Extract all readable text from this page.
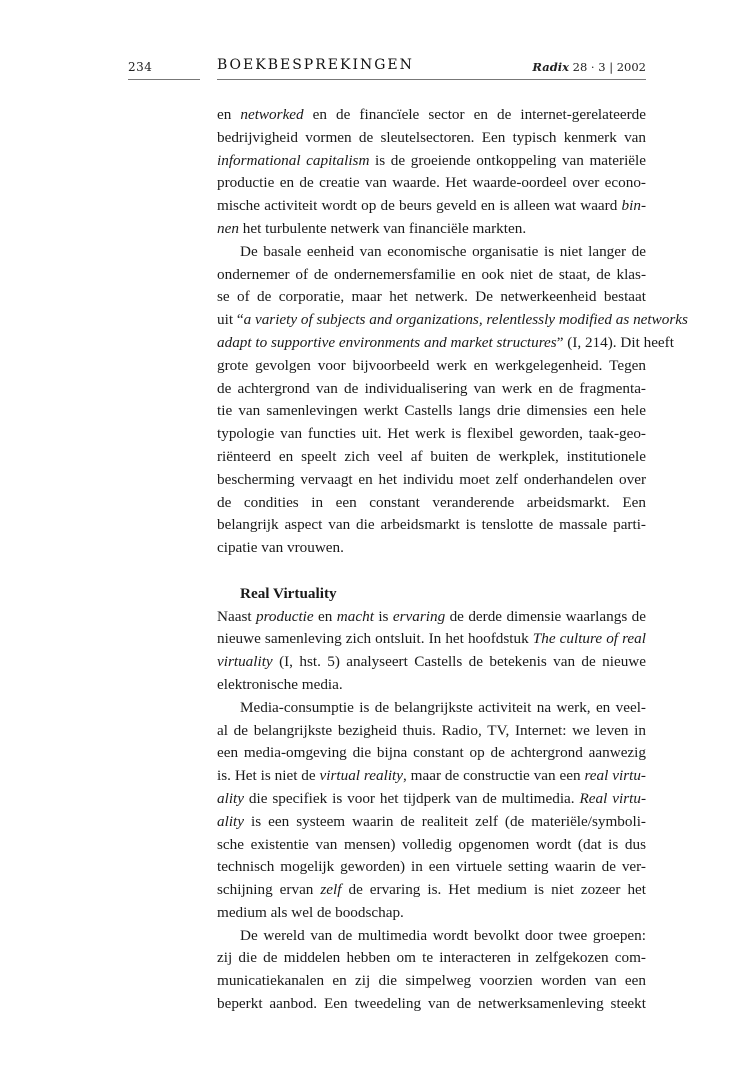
234	BOEKBESPREKINGEN	Radix 28 · 3 | 2002

en networked en de financïele sector en de internet-gerelateerde
bedrijvigheid vormen de sleutelsectoren. Een typisch kenmerk van
informational capitalism is de groeiende ontkoppeling van materiële
productie en de creatie van waarde. Het waarde-oordeel over econo-
mische activiteit wordt op de beurs geveld en is alleen wat waard bin-
nen het turbulente netwerk van financiële markten.

De basale eenheid van economische organisatie is niet langer de
ondernemer of de ondernemersfamilie en ook niet de staat, de klas-
se of de corporatie, maar het netwerk. De netwerkeenheid bestaat
uit “a variety of subjects and organizations, relentlessly modified as networks
adapt to supportive environments and market structures” (I, 214). Dit heeft
grote gevolgen voor bijvoorbeeld werk en werkgelegenheid. Tegen
de achtergrond van de individualisering van werk en de fragmenta-
tie van samenlevingen werkt Castells langs drie dimensies een hele
typologie van functies uit. Het werk is flexibel geworden, taak-geo-
riënteerd en speelt zich veel af buiten de werkplek, institutionele
bescherming vervaagt en het individu moet zelf onderhandelen over
de condities in een constant veranderende arbeidsmarkt. Een
belangrijk aspect van die arbeidsmarkt is tenslotte de massale parti-
cipatie van vrouwen.

Real Virtuality

Naast productie en macht is ervaring de derde dimensie waarlangs de
nieuwe samenleving zich ontsluit. In het hoofdstuk The culture of real
virtuality (I, hst. 5) analyseert Castells de betekenis van de nieuwe
elektronische media.

Media-consumptie is de belangrijkste activiteit na werk, en veel-
al de belangrijkste bezigheid thuis. Radio, TV, Internet: we leven in
een media-omgeving die bijna constant op de achtergrond aanwezig
is. Het is niet de virtual reality, maar de constructie van een real virtu-
ality die specifiek is voor het tijdperk van de multimedia. Real virtu-
ality is een systeem waarin de realiteit zelf (de materiële/symboli-
sche existentie van mensen) volledig opgenomen wordt (dat is dus
technisch mogelijk geworden) in een virtuele setting waarin de ver-
schijning ervan zelf de ervaring is. Het medium is niet zozeer het
medium als wel de boodschap.

De wereld van de multimedia wordt bevolkt door twee groepen:
zij die de middelen hebben om te interacteren in zelfgekozen com-
municatiekanalen en zij die simpelweg voorzien worden van een
beperkt aanbod. Een tweedeling van de netwerksamenleving steekt
